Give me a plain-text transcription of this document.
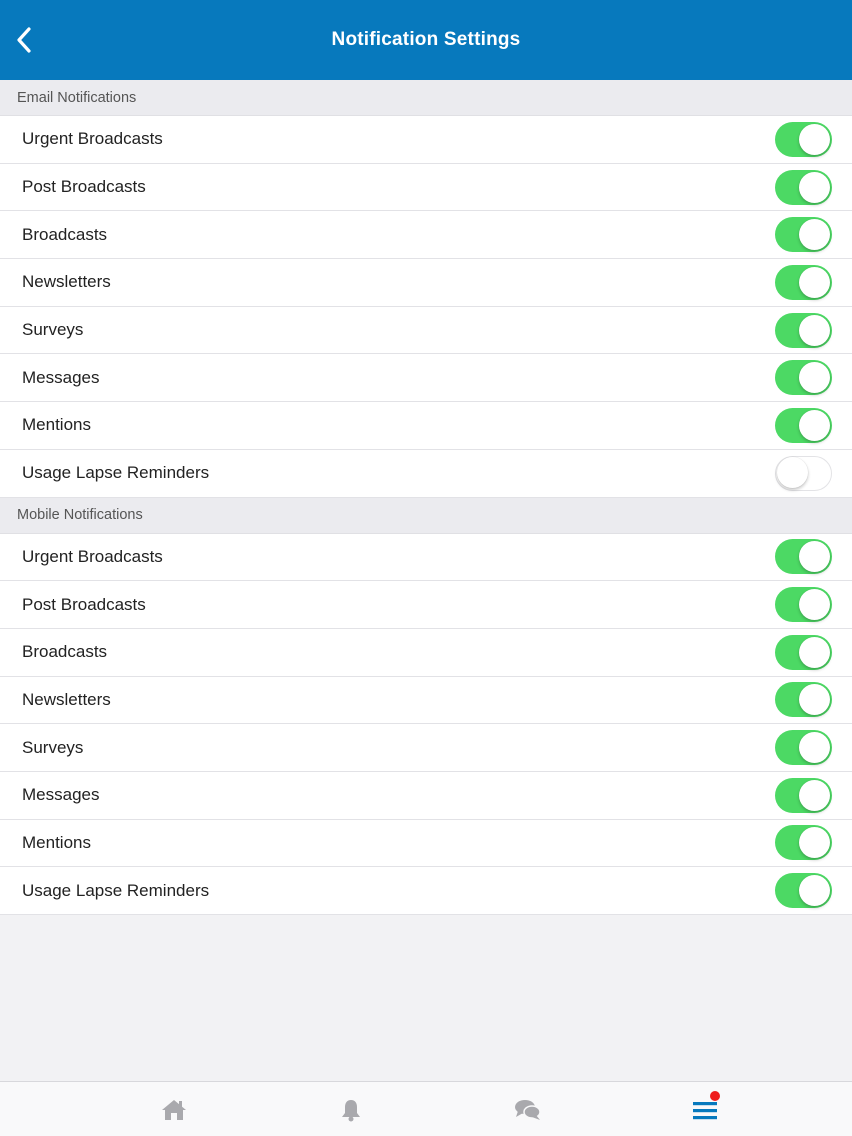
Notification Settings
Email Notifications
Urgent Broadcasts
Post Broadcasts
Broadcasts
Newsletters
Surveys
Messages
Mentions
Usage Lapse Reminders
Mobile Notifications
Urgent Broadcasts
Post Broadcasts
Broadcasts
Newsletters
Surveys
Messages
Mentions
Usage Lapse Reminders
